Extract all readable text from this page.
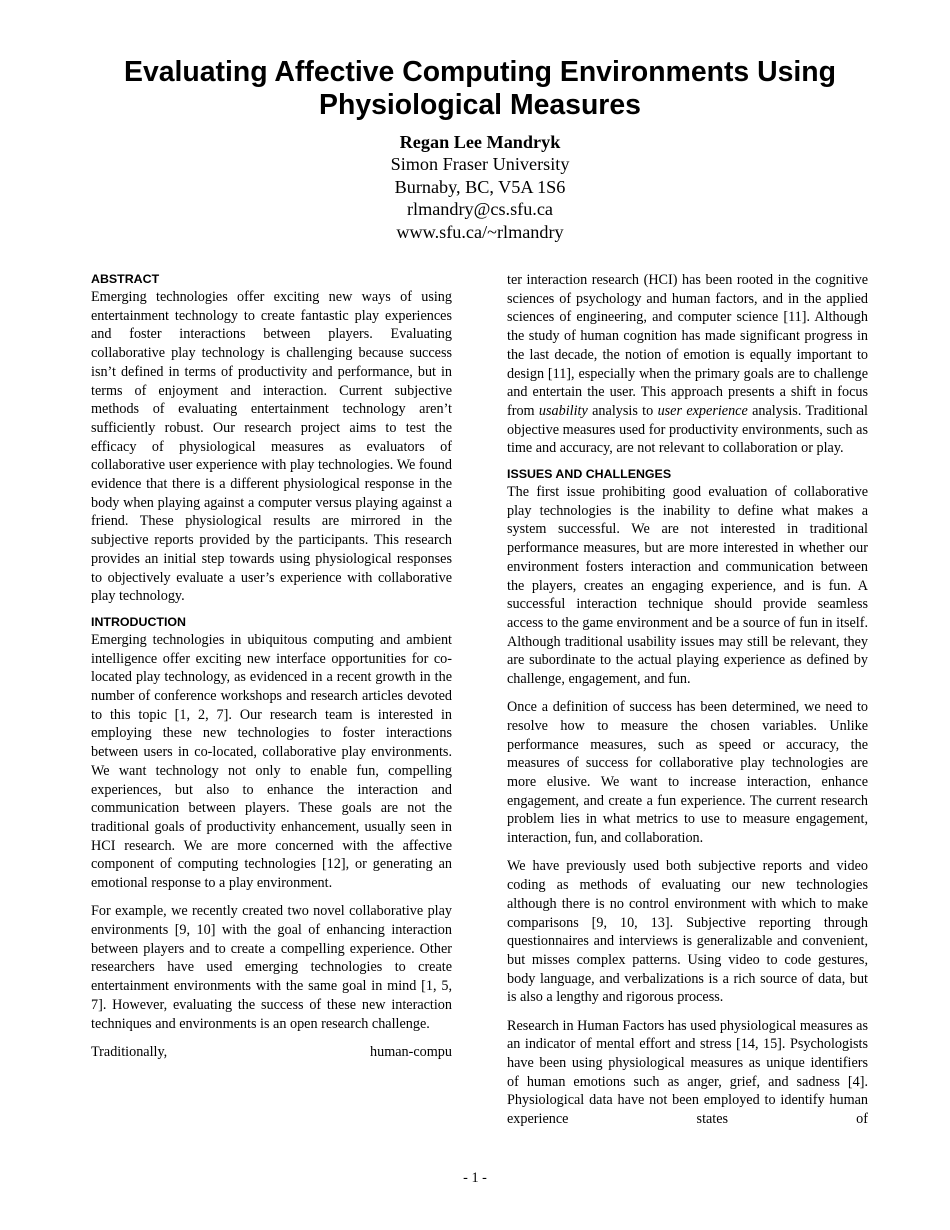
Evaluating Affective Computing Environments Using
Physiological Measures
Regan Lee Mandryk
Simon Fraser University
Burnaby, BC, V5A 1S6
rlmandry@cs.sfu.ca
www.sfu.ca/~rlmandry
ABSTRACT

Emerging technologies offer exciting new ways of using entertainment technology to create fantastic play experiences and foster interactions between players. Evaluating collaborative play technology is challenging because success isn’t defined in terms of productivity and performance, but in terms of enjoyment and interaction. Current subjective methods of evaluating entertainment technology aren’t sufficiently robust. Our research project aims to test the efficacy of physiological measures as evaluators of collaborative user experience with play technologies. We found evidence that there is a different physiological response in the body when playing against a computer versus playing against a friend. These physiological results are mirrored in the subjective reports provided by the participants. This research provides an initial step towards using physiological responses to objectively evaluate a user’s experience with collaborative play technology.

INTRODUCTION

Emerging technologies in ubiquitous computing and ambient intelligence offer exciting new interface opportunities for co-located play technology, as evidenced in a recent growth in the number of conference workshops and research articles devoted to this topic [1, 2, 7]. Our research team is interested in employing these new technologies to foster interactions between users in co-located, collaborative play environments. We want technology not only to enable fun, compelling experiences, but also to enhance the interaction and communication between players. These goals are not the traditional goals of productivity enhancement, usually seen in HCI research. We are more concerned with the affective component of computing technologies [12], or generating an emotional response to a play environment.

For example, we recently created two novel collaborative play environments [9, 10] with the goal of enhancing interaction between players and to create a compelling experience. Other researchers have used emerging technologies to create entertainment environments with the same goal in mind [1, 5, 7]. However, evaluating the success of these new interaction techniques and environments is an open research challenge.

Traditionally, human-compu

ter interaction research (HCI) has been rooted in the cognitive sciences of psychology and human factors, and in the applied sciences of engineering, and computer science [11]. Although the study of human cognition has made significant progress in the last decade, the notion of emotion is equally important to design [11], especially when the primary goals are to challenge and entertain the user. This approach presents a shift in focus from usability analysis to user experience analysis. Traditional objective measures used for productivity environments, such as time and accuracy, are not relevant to collaboration or play.

ISSUES AND CHALLENGES

The first issue prohibiting good evaluation of collaborative play technologies is the inability to define what makes a system successful. We are not interested in traditional performance measures, but are more interested in whether our environment fosters interaction and communication between the players, creates an engaging experience, and is fun. A successful interaction technique should provide seamless access to the game environment and be a source of fun in itself. Although traditional usability issues may still be relevant, they are subordinate to the actual playing experience as defined by challenge, engagement, and fun.

Once a definition of success has been determined, we need to resolve how to measure the chosen variables. Unlike performance measures, such as speed or accuracy, the measures of success for collaborative play technologies are more elusive. We want to increase interaction, enhance engagement, and create a fun experience. The current research problem lies in what metrics to use to measure engagement, interaction, fun, and collaboration.

We have previously used both subjective reports and video coding as methods of evaluating our new technologies although there is no control environment with which to make comparisons [9, 10, 13]. Subjective reporting through questionnaires and interviews is generalizable and convenient, but misses complex patterns. Using video to code gestures, body language, and verbalizations is a rich source of data, but is also a lengthy and rigorous process.

Research in Human Factors has used physiological measures as an indicator of mental effort and stress [14, 15]. Psychologists have been using physiological measures as unique identifiers of human emotions such as anger, grief, and sadness [4]. Physiological data have not been employed to identify human experience states of

- 1 -
